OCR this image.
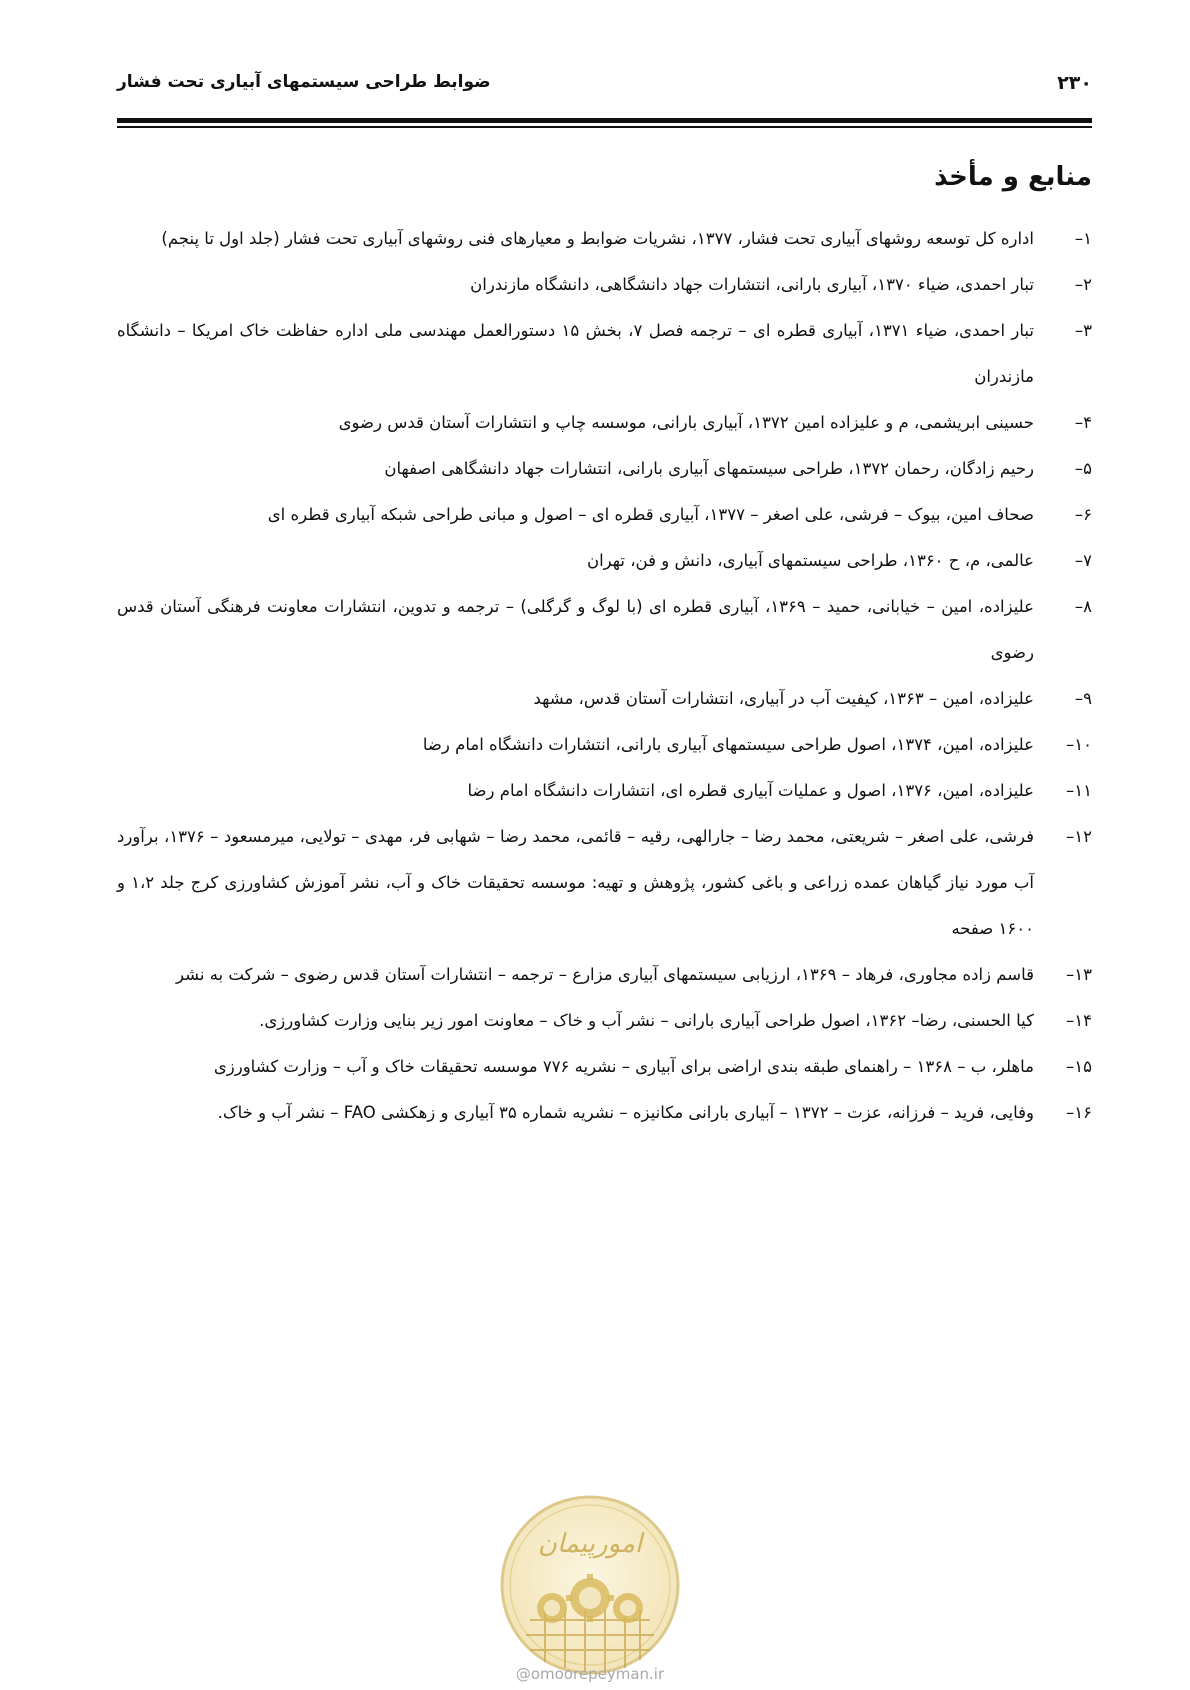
۲۳۰
ضوابط طراحی سیستمهای آبیاری تحت فشار
منابع و مأخذ
۱–
اداره کل توسعه روشهای آبیاری تحت فشار، ۱۳۷۷، نشریات ضوابط و معیارهای فنی روشهای آبیاری تحت فشار (جلد اول تا پنجم)
۲–
تبار احمدی، ضیاء ۱۳۷۰، آبیاری بارانی، انتشارات جهاد دانشگاهی، دانشگاه مازندران
۳–
تبار احمدی، ضیاء ۱۳۷۱، آبیاری قطره ای – ترجمه فصل ۷، بخش ۱۵ دستورالعمل مهندسی ملی اداره حفاظت خاک امریکا – دانشگاه مازندران
۴–
حسینی ابریشمی، م و علیزاده امین ۱۳۷۲، آبیاری بارانی، موسسه چاپ و انتشارات آستان قدس رضوی
۵–
رحیم زادگان، رحمان ۱۳۷۲، طراحی سیستمهای آبیاری بارانی، انتشارات جهاد دانشگاهی اصفهان
۶–
صحاف امین، بیوک – فرشی، علی اصغر – ۱۳۷۷، آبیاری قطره ای – اصول و مبانی طراحی شبکه آبیاری قطره ای
۷–
عالمی، م، ح ۱۳۶۰، طراحی سیستمهای آبیاری، دانش و فن، تهران
۸–
علیزاده، امین – خیابانی، حمید – ۱۳۶۹، آبیاری قطره ای (با لوگ و گرگلی) – ترجمه و تدوین، انتشارات معاونت فرهنگی آستان قدس رضوی
۹–
علیزاده، امین – ۱۳۶۳، کیفیت آب در آبیاری، انتشارات آستان قدس، مشهد
۱۰–
علیزاده، امین، ۱۳۷۴، اصول طراحی سیستمهای آبیاری بارانی، انتشارات دانشگاه امام رضا
۱۱–
علیزاده، امین، ۱۳۷۶، اصول و عملیات آبیاری قطره ای، انتشارات دانشگاه امام رضا
۱۲–
فرشی، علی اصغر – شریعتی، محمد رضا – جارالهی، رقیه – قائمی، محمد رضا – شهابی فر، مهدی – تولایی، میرمسعود – ۱۳۷۶، برآورد آب مورد نیاز گیاهان عمده زراعی و باغی کشور، پژوهش و تهیه: موسسه تحقیقات خاک و آب، نشر آموزش کشاورزی کرج جلد ۱،۲ و ۱۶۰۰ صفحه
۱۳–
قاسم زاده مجاوری، فرهاد – ۱۳۶۹، ارزیابی سیستمهای آبیاری مزارع – ترجمه – انتشارات آستان قدس رضوی – شرکت به نشر
۱۴–
کیا الحسنی، رضا– ۱۳۶۲، اصول طراحی آبیاری بارانی – نشر آب و خاک – معاونت امور زیر بنایی وزارت کشاورزی.
۱۵–
ماهلر، ب – ۱۳۶۸ – راهنمای طبقه بندی اراضی برای آبیاری – نشریه ۷۷۶ موسسه تحقیقات خاک و آب – وزارت کشاورزی
۱۶–
وفایی، فرید – فرزانه، عزت – ۱۳۷۲ – آبیاری بارانی مکانیزه – نشریه شماره ۳۵ آبیاری و زهکشی FAO – نشر آب و خاک.
امورپیمان
@omoorepeyman.ir
